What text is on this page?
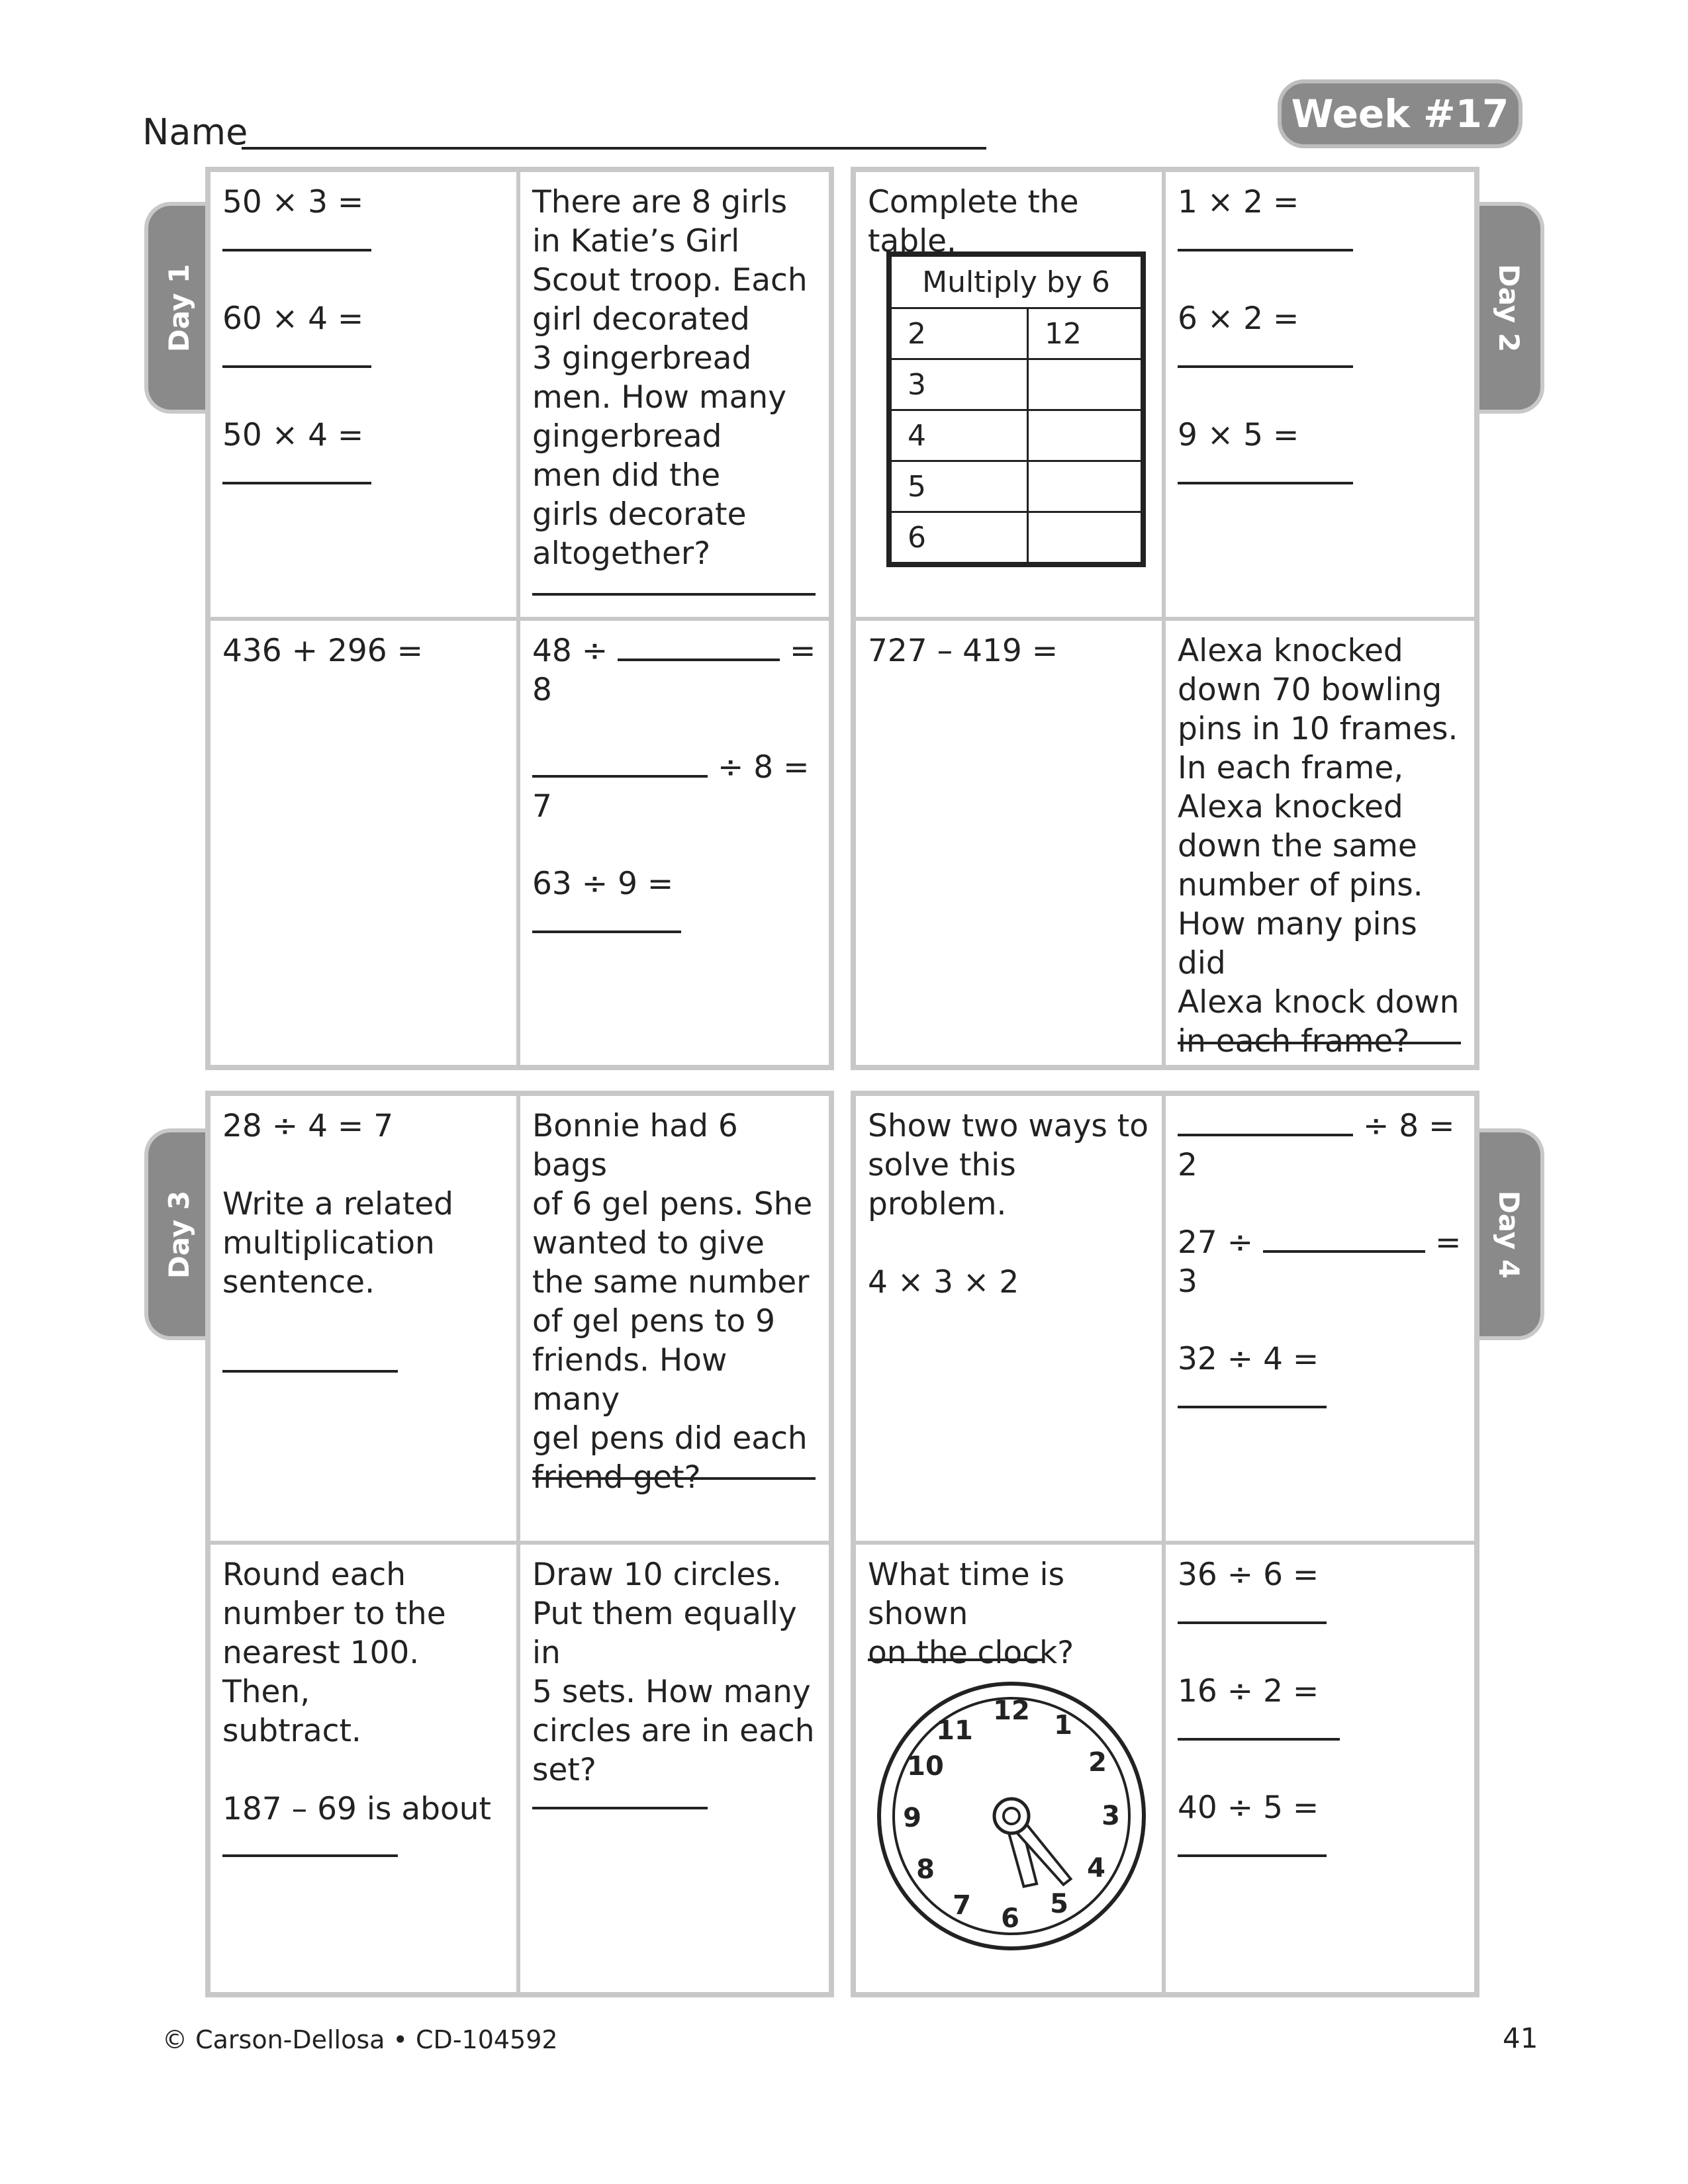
Name	Week #17
Day 1	Day 2
Day 3	Day 4

50 × 3 =

60 × 4 =

50 × 4 =

There are 8 girls

in Katie’s Girl

Scout troop. Each

girl decorated

3 gingerbread

men. How many

gingerbread

men did the

girls decorate

altogether?

436 + 296 =	48 ÷	= 8

÷ 8 = 7

63 ÷ 9 =

Complete the table.

Multiply by 6	
2	12
3	
4	
5	
6	

1 × 2 =

6 × 2 =

9 × 5 =

727 – 419 =	Alexa knocked

down 70 bowling

pins in 10 frames.

In each frame,

Alexa knocked

down the same

number of pins.

How many pins did

Alexa knock down

in each frame?

28 ÷ 4 = 7

Write a related

multiplication

sentence.

Bonnie had 6 bags

of 6 gel pens. She

wanted to give

the same number

of gel pens to 9

friends. How many

gel pens did each

friend get?

Round each

number to the

nearest 100. Then,

subtract.

187 – 69 is about

Draw 10 circles.

Put them equally in

5 sets. How many

circles are in each

set?

Show two ways to

solve this problem.

4 × 3 × 2

÷ 8 = 2

27 ÷	= 3

32 ÷ 4 =

What time is shown

on the clock?

12 1
2
3
4
5
6
7
8
9
10
11

36 ÷ 6 =

16 ÷ 2 =

40 ÷ 5 =

© Carson-Dellosa • CD-104592	41
